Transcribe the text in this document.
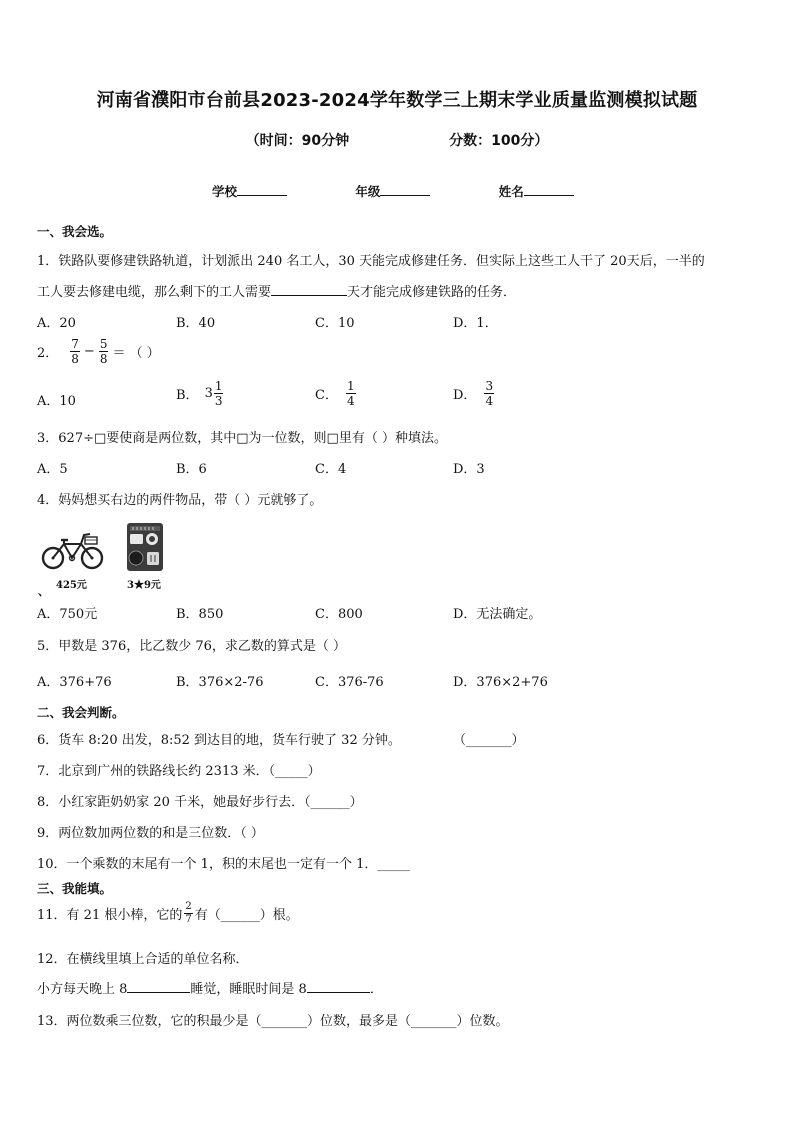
河南省濮阳市台前县2023-2024学年数学三上期末学业质量监测模拟试题
（时间：90分钟	分数：100分）
学校	年级	姓名
一、我会选。
1．铁路队要修建铁路轨道，计划派出 240 名工人，30 天能完成修建任务．但实际上这些工人干了 20天后，一半的
工人要去修建电缆，那么剩下的工人需要	天才能完成修建铁路的任务．
A．20	B．40	C．10	D．1．
2． $\frac{7}{8} - \frac{5}{8}$ ＝ （ ）
A．10	B． $3 \frac{1}{3}$	C． $\frac{1}{4}$	D． $\frac{3}{4}$
3．627÷□要使商是两位数，其中□为一位数，则□里有（ ）种填法。
A．5	B．6	C．4	D．3
4．妈妈想买右边的两件物品，带（ ）元就够了。
425元
、	3★9元
A．750元	B．850	C．800	D．无法确定。
5．甲数是 376，比乙数少 76，求乙数的算式是（ ）
A．376+76	B．376×2-76	C．376-76	D．376×2+76
二、我会判断。
6．货车 8:20 出发，8:52 到达目的地，货车行驶了 32 分钟。	（_______）
7．北京到广州的铁路线长约 2313 米．（_____）
8．小红家距奶奶家 20 千米，她最好步行去．（______）
9．两位数加两位数的和是三位数．（ ）
10．一个乘数的末尾有一个 1，积的末尾也一定有一个 1．_____
三、我能填。
11．有 21 根小棒，它的 $\frac{2}{7}$ 有（______）根。
12．在横线里填上合适的单位名称．
小方每天晚上 8	睡觉，睡眠时间是 8	．
13．两位数乘三位数，它的积最少是（_______）位数，最多是（_______）位数。
